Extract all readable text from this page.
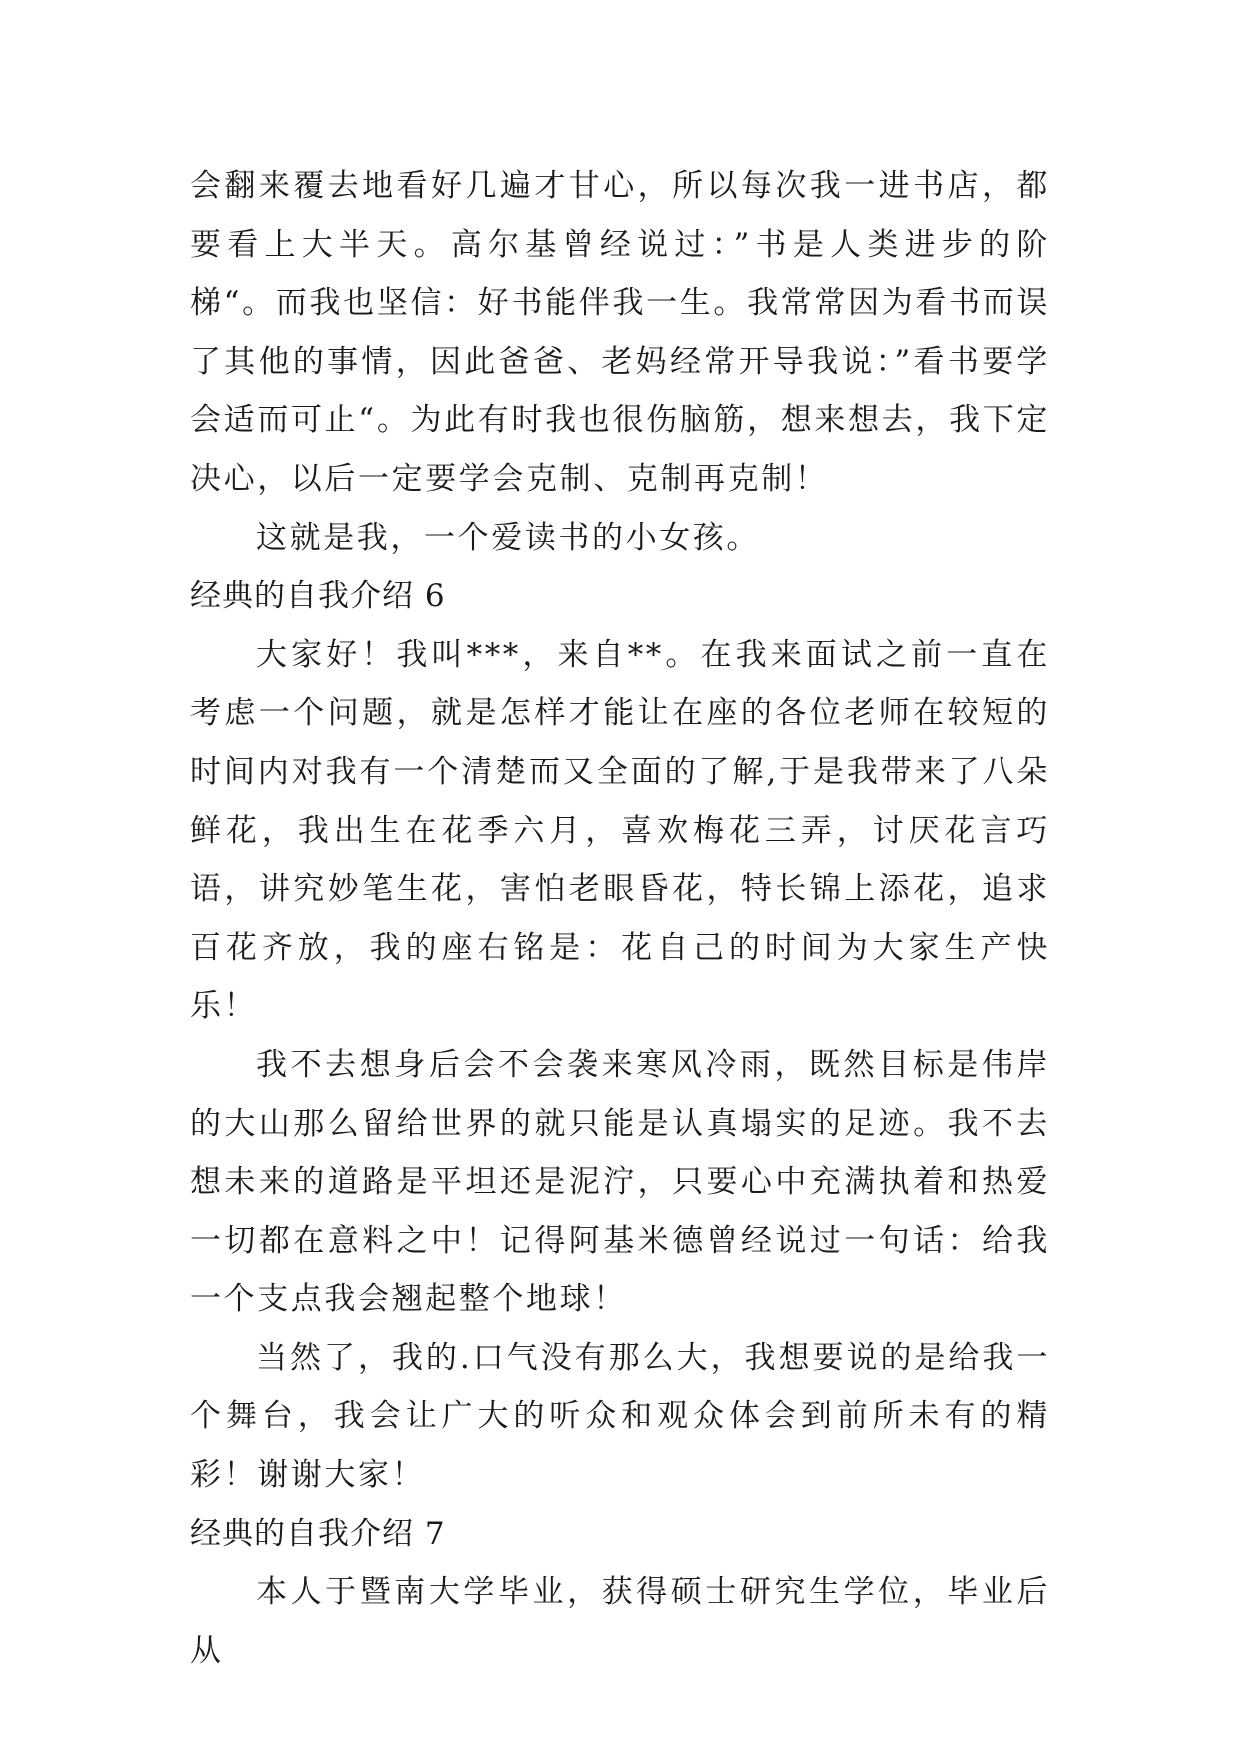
会翻来覆去地看好几遍才甘心，所以每次我一进书店，都要看上大半天。高尔基曾经说过：”书是人类进步的阶梯“。而我也坚信：好书能伴我一生。我常常因为看书而误了其他的事情，因此爸爸、老妈经常开导我说：”看书要学会适而可止“。为此有时我也很伤脑筋，想来想去，我下定决心，以后一定要学会克制、克制再克制！

这就是我，一个爱读书的小女孩。

经典的自我介绍 6

大家好！我叫***，来自**。在我来面试之前一直在考虑一个问题，就是怎样才能让在座的各位老师在较短的时间内对我有一个清楚而又全面的了解,于是我带来了八朵鲜花，我出生在花季六月，喜欢梅花三弄，讨厌花言巧语，讲究妙笔生花，害怕老眼昏花，特长锦上添花，追求百花齐放，我的座右铭是：花自己的时间为大家生产快乐！

我不去想身后会不会袭来寒风冷雨，既然目标是伟岸的大山那么留给世界的就只能是认真塌实的足迹。我不去想未来的道路是平坦还是泥泞，只要心中充满执着和热爱一切都在意料之中！记得阿基米德曾经说过一句话：给我一个支点我会翘起整个地球！

当然了，我的.口气没有那么大，我想要说的是给我一个舞台，我会让广大的听众和观众体会到前所未有的精彩！谢谢大家！

经典的自我介绍 7

本人于暨南大学毕业，获得硕士研究生学位，毕业后从
